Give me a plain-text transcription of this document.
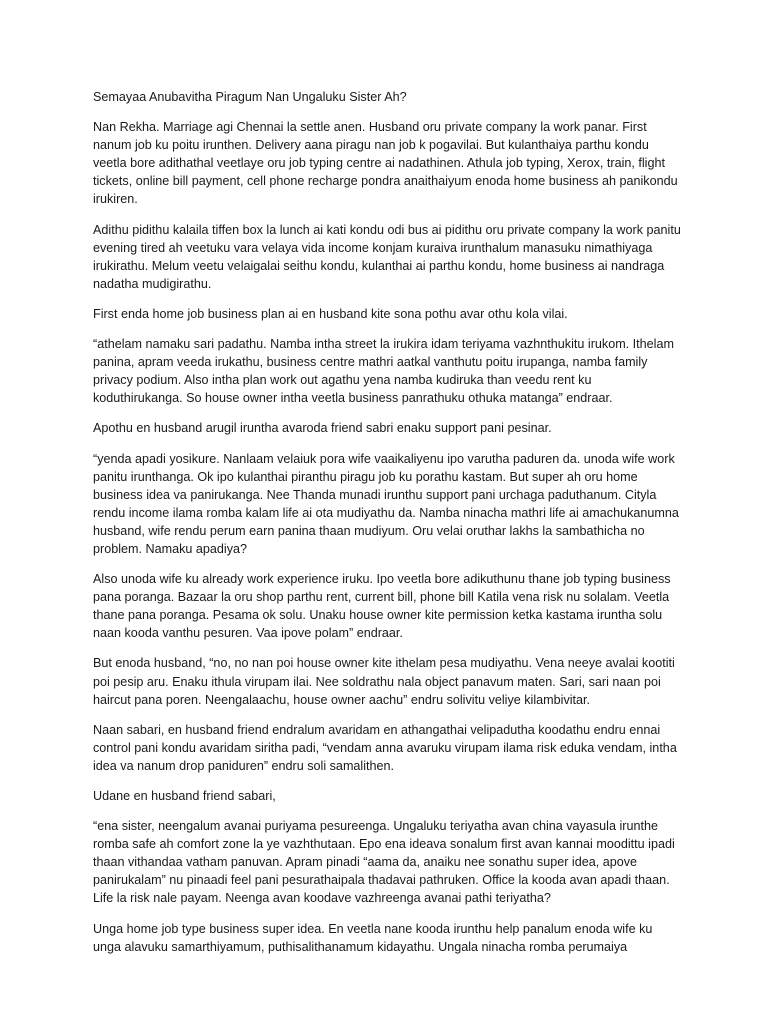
Semayaa Anubavitha Piragum Nan Ungaluku Sister Ah?

Nan Rekha. Marriage agi Chennai la settle anen. Husband oru private company la work panar. First nanum job ku poitu irunthen. Delivery aana piragu nan job k pogavilai. But kulanthaiya parthu kondu veetla bore adithathal veetlaye oru job typing centre ai nadathinen. Athula job typing, Xerox, train, flight tickets, online bill payment, cell phone recharge pondra anaithaiyum enoda home business ah panikondu irukiren.

Adithu pidithu kalaila tiffen box la lunch ai kati kondu odi bus ai pidithu oru private company la work panitu evening tired ah veetuku vara velaya vida income konjam kuraiva irunthalum manasuku nimathiyaga irukirathu. Melum veetu velaigalai seithu kondu, kulanthai ai parthu kondu, home business ai nandraga nadatha mudigirathu.

First enda home job business plan ai en husband kite sona pothu avar othu kola vilai.

“athelam namaku sari padathu. Namba intha street la irukira idam teriyama vazhnthukitu irukom. Ithelam panina, apram veeda irukathu, business centre mathri aatkal vanthutu poitu irupanga, namba family privacy podium. Also intha plan work out agathu yena namba kudiruka than veedu rent ku koduthirukanga. So house owner intha veetla business panrathuku othuka matanga” endraar.

Apothu en husband arugil iruntha avaroda friend sabri enaku support pani pesinar.

“yenda apadi yosikure. Nanlaam velaiuk pora wife vaaikaliyenu ipo varutha paduren da. unoda wife work panitu irunthanga. Ok ipo kulanthai piranthu piragu job ku porathu kastam. But super ah oru home business idea va panirukanga. Nee Thanda munadi irunthu support pani urchaga paduthanum. Cityla rendu income ilama romba kalam life ai ota mudiyathu da. Namba ninacha mathri life ai amachukanumna husband, wife rendu perum earn panina thaan mudiyum. Oru velai oruthar lakhs la sambathicha no problem. Namaku apadiya?

Also unoda wife ku already work experience iruku. Ipo veetla bore adikuthunu thane job typing business pana poranga. Bazaar la oru shop parthu rent, current bill, phone bill Katila vena risk nu solalam. Veetla thane pana poranga. Pesama ok solu. Unaku house owner kite permission ketka kastama iruntha solu naan kooda vanthu pesuren. Vaa ipove polam” endraar.

But enoda husband, “no, no nan poi house owner kite ithelam pesa mudiyathu. Vena neeye avalai kootiti poi pesip aru. Enaku ithula virupam ilai. Nee soldrathu nala object panavum maten. Sari, sari naan poi haircut pana poren. Neengalaachu, house owner aachu” endru solivitu veliye kilambivitar.

Naan sabari, en husband friend endralum avaridam en athangathai velipadutha koodathu endru ennai control pani kondu avaridam siritha padi, “vendam anna avaruku virupam ilama risk eduka vendam, intha idea va nanum drop paniduren” endru soli samalithen.

Udane en husband friend sabari,

“ena sister, neengalum avanai puriyama pesureenga. Ungaluku teriyatha avan china vayasula irunthe romba safe ah comfort zone la ye vazhthutaan. Epo ena ideava sonalum first avan kannai moodittu ipadi thaan vithandaa vatham panuvan. Apram pinadi “aama da, anaiku nee sonathu super idea, apove panirukalam” nu pinaadi feel pani pesurathaipala thadavai pathruken. Office la kooda avan apadi thaan. Life la risk nale payam. Neenga avan koodave vazhreenga avanai pathi teriyatha?

Unga home job type business super idea. En veetla nane kooda irunthu help panalum enoda wife ku unga alavuku samarthiyamum, puthisalithanamum kidayathu. Ungala ninacha romba perumaiya
